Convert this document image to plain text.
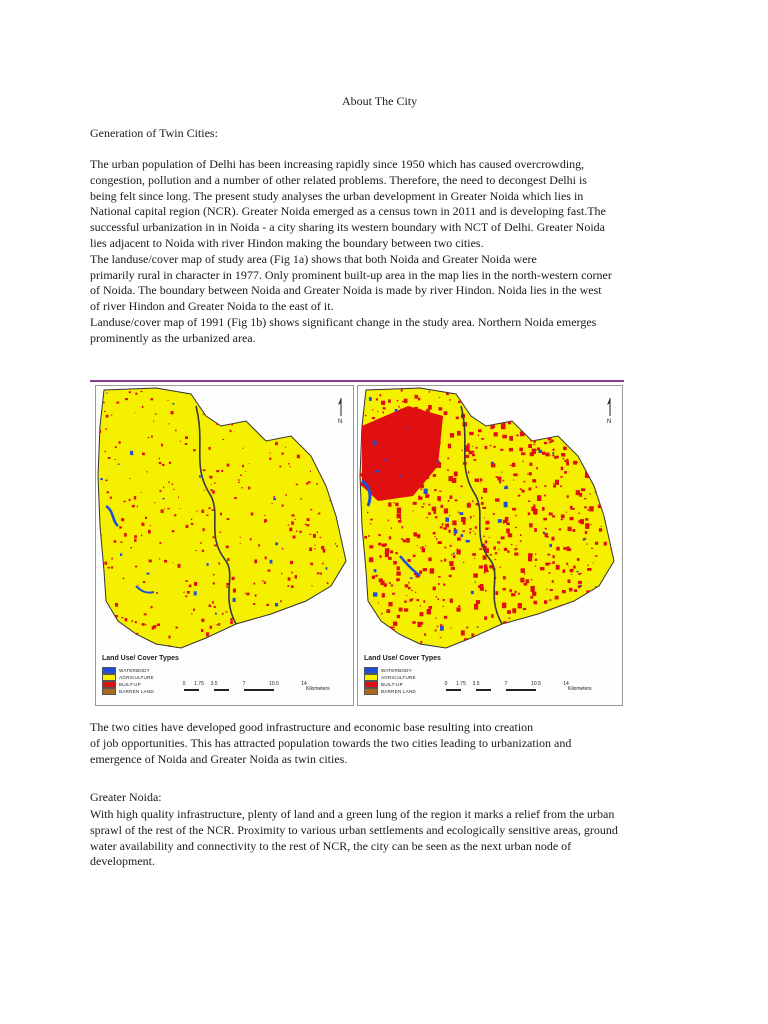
About The City
Generation of Twin Cities:
The urban population of Delhi has been increasing rapidly since 1950 which has caused overcrowding,
congestion, pollution and a number of other related problems. Therefore, the need to decongest Delhi is
being felt since long. The present study analyses the urban development in Greater Noida which lies in
National capital region (NCR). Greater Noida emerged as a census town in 2011 and is developing fast.The
successful urbanization in in Noida - a city sharing its western boundary with NCT of Delhi. Greater Noida
lies adjacent to Noida with river Hindon making the boundary between two cities.
The landuse/cover map of study area (Fig 1a) shows that both Noida and Greater Noida were
primarily rural in character in 1977. Only prominent built-up area in the map lies in the north-western corner
of Noida. The boundary between Noida and Greater Noida is made by river Hindon. Noida lies in the west
of river Hindon and Greater Noida to the east of it.
Landuse/cover map of 1991 (Fig 1b) shows significant change in the study area. Northern Noida emerges
prominently as the urbanized area.
The two cities have developed good infrastructure and economic base resulting into creation
of job opportunities. This has attracted population towards the two cities leading to urbanization and
emergence of Noida and Greater Noida as twin cities.
Greater Noida:
With high quality infrastructure, plenty of land and a green lung of the region it marks a relief from the urban
sprawl of the rest of the NCR. Proximity to various urban settlements and ecologically sensitive areas, ground
water availability and connectivity to the rest of NCR, the city can be seen as the next urban node of
development.
N
Land Use/ Cover Types
WATERBODY
AGRICULTURE
BUILT-UP
BARREN LAND
0 1.75 3.5	7	10.5	14
Kilometers
N
Land Use/ Cover Types
WATERBODY
AGRICULTURE
BUILT-UP
BARREN LAND
0 1.75 3.5	7	10.5	14
Kilometers
